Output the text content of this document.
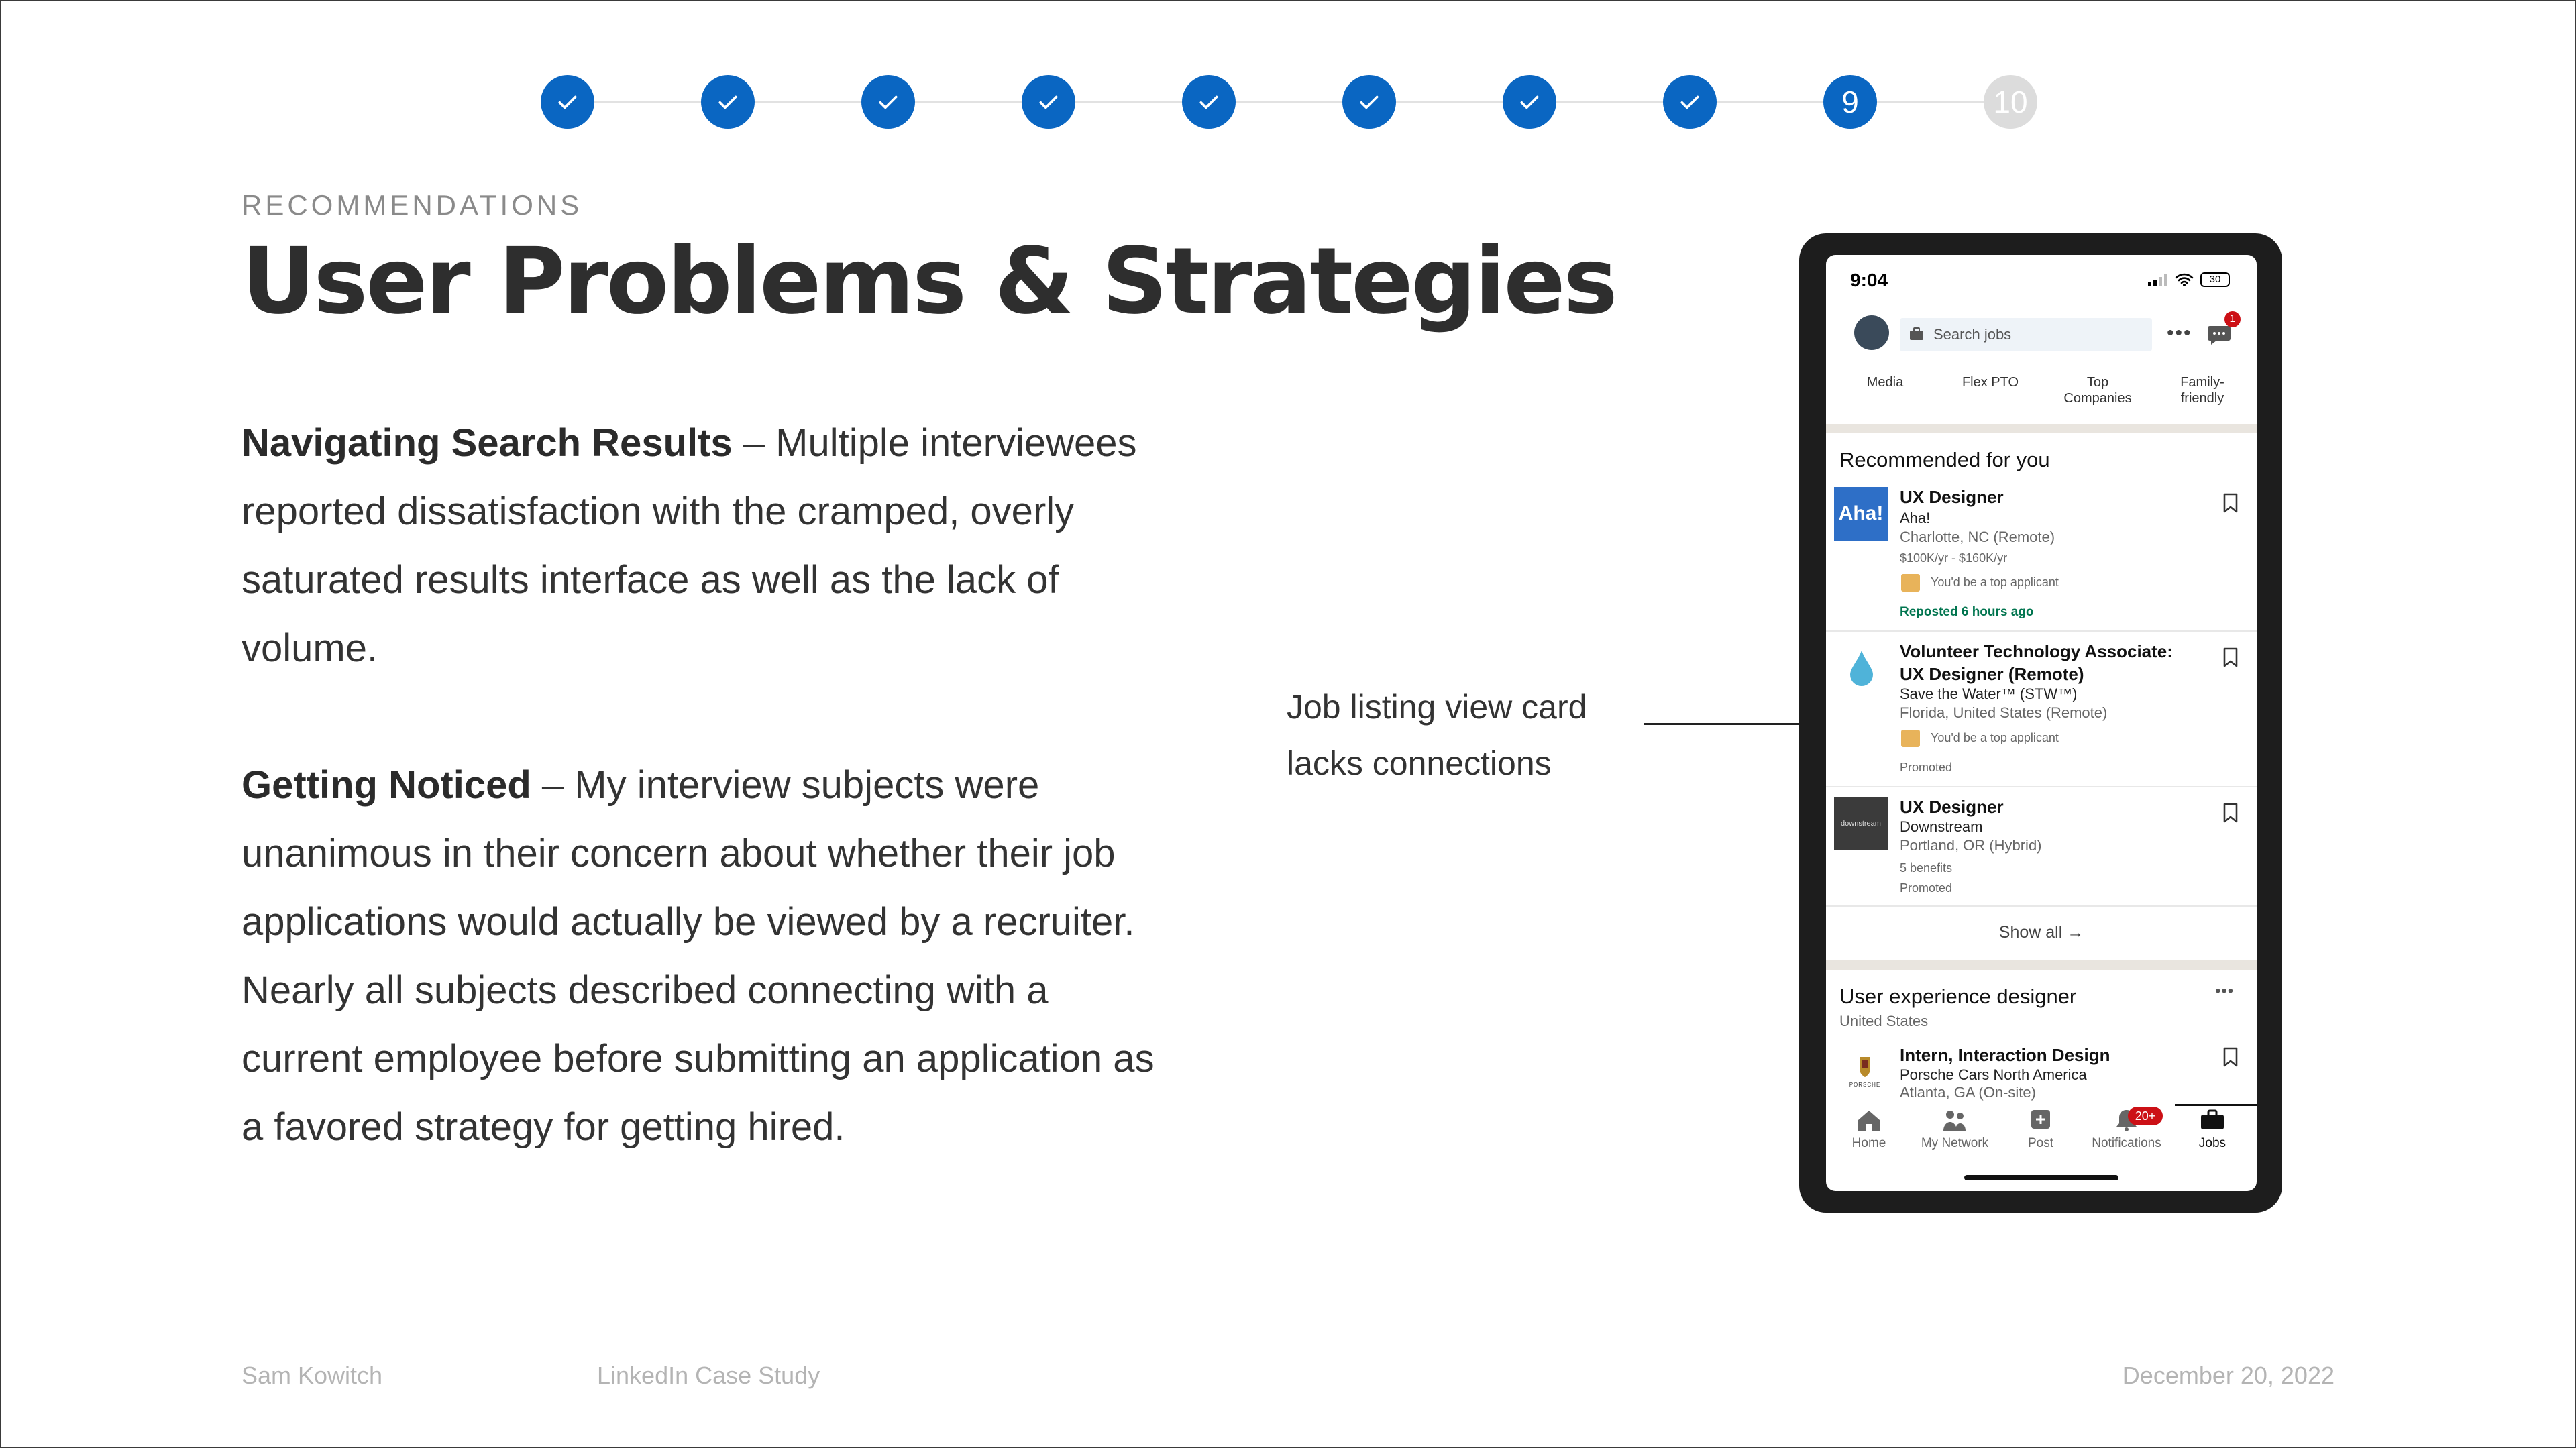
9	10
RECOMMENDATIONS
User Problems & Strategies
Navigating Search Results – Multiple interviewees reported dissatisfaction with the cramped, overly saturated results interface as well as the lack of volume.
Getting Noticed – My interview subjects were unanimous in their concern about whether their job applications would actually be viewed by a recruiter. Nearly all subjects described connecting with a current employee before submitting an application as a favored strategy for getting hired.
Job listing view card
lacks connections
9:04	30
Search jobs	•••
1
Media	Flex PTO	Top
Companies
Family-
friendly
Recommended for you
Aha!
UX Designer
Aha!
Charlotte, NC (Remote)
$100K/yr - $160K/yr
You'd be a top applicant
Reposted 6 hours ago
Volunteer Technology Associate:
UX Designer (Remote)
Save the Water™ (STW™)
Florida, United States (Remote)
You'd be a top applicant
Promoted
downstream
UX Designer
Downstream
Portland, OR (Hybrid)
5 benefits
Promoted
Show all →
User experience designer	•••
United States
PORSCHE
Intern, Interaction Design
Porsche Cars North America
Atlanta, GA (On-site)
Home	My Network	Post	Notifications	Jobs
20+
Sam Kowitch	LinkedIn Case Study	December 20, 2022
